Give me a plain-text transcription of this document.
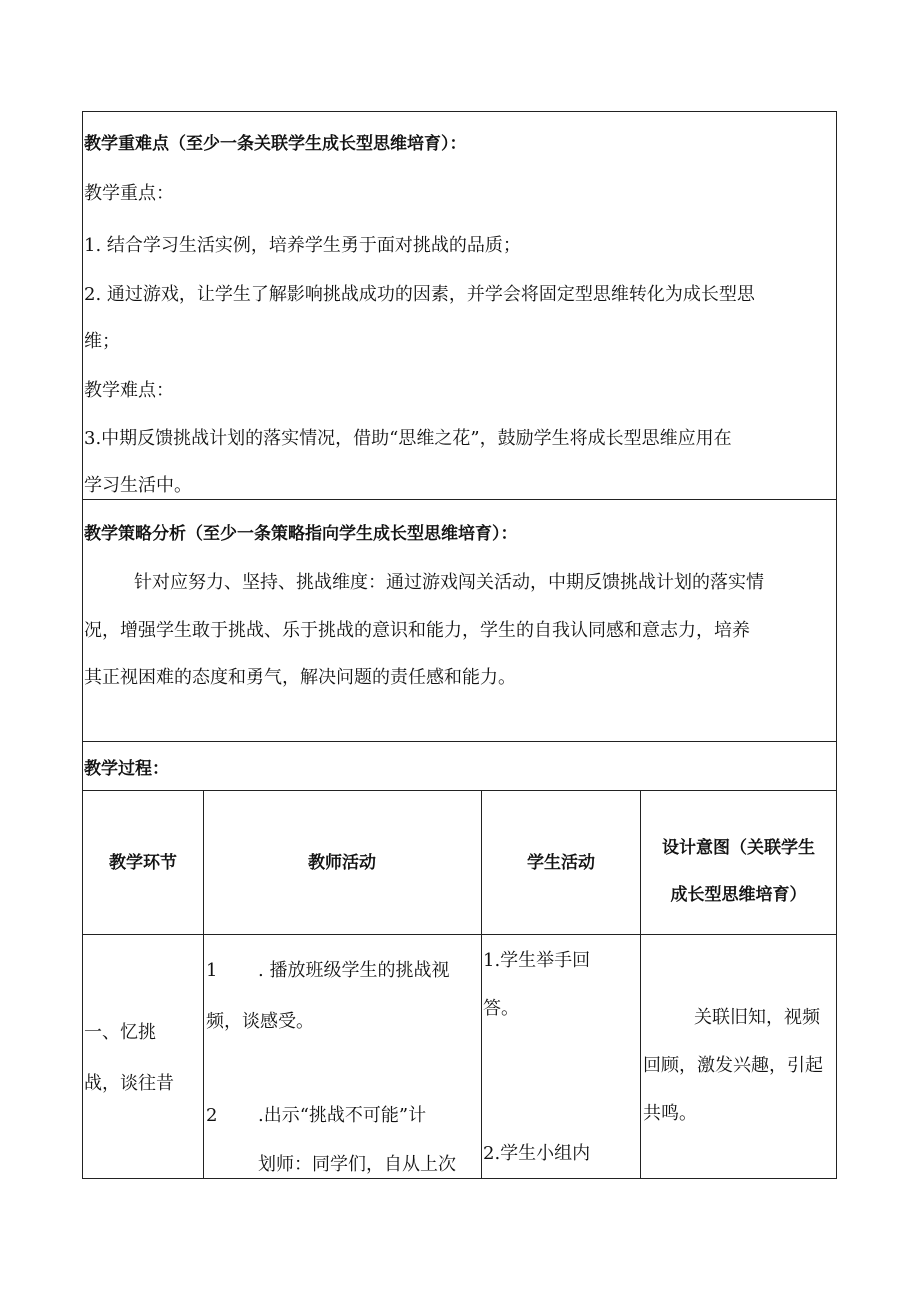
教学重难点（至少一条关联学生成长型思维培育）：
教学重点：
1. 结合学习生活实例，培养学生勇于面对挑战的品质；
2. 通过游戏，让学生了解影响挑战成功的因素，并学会将固定型思维转化为成长型思
维；
教学难点：
3.中期反馈挑战计划的落实情况，借助“思维之花”，鼓励学生将成长型思维应用在
学习生活中。
教学策略分析（至少一条策略指向学生成长型思维培育）：
针对应努力、坚持、挑战维度：通过游戏闯关活动，中期反馈挑战计划的落实情
况，增强学生敢于挑战、乐于挑战的意识和能力，学生的自我认同感和意志力，培养
其正视困难的态度和勇气，解决问题的责任感和能力。
教学过程：
教学环节	教师活动	学生活动
设计意图（关联学生
成长型思维培育）
一、忆挑
战，谈往昔
1 . 播放班级学生的挑战视
频，谈感受。
2 .出示“挑战不可能”计
划师：同学们，自从上次
1.学生举手回
答。
2.学生小组内
关联旧知，视频
回顾，激发兴趣，引起
共鸣。
